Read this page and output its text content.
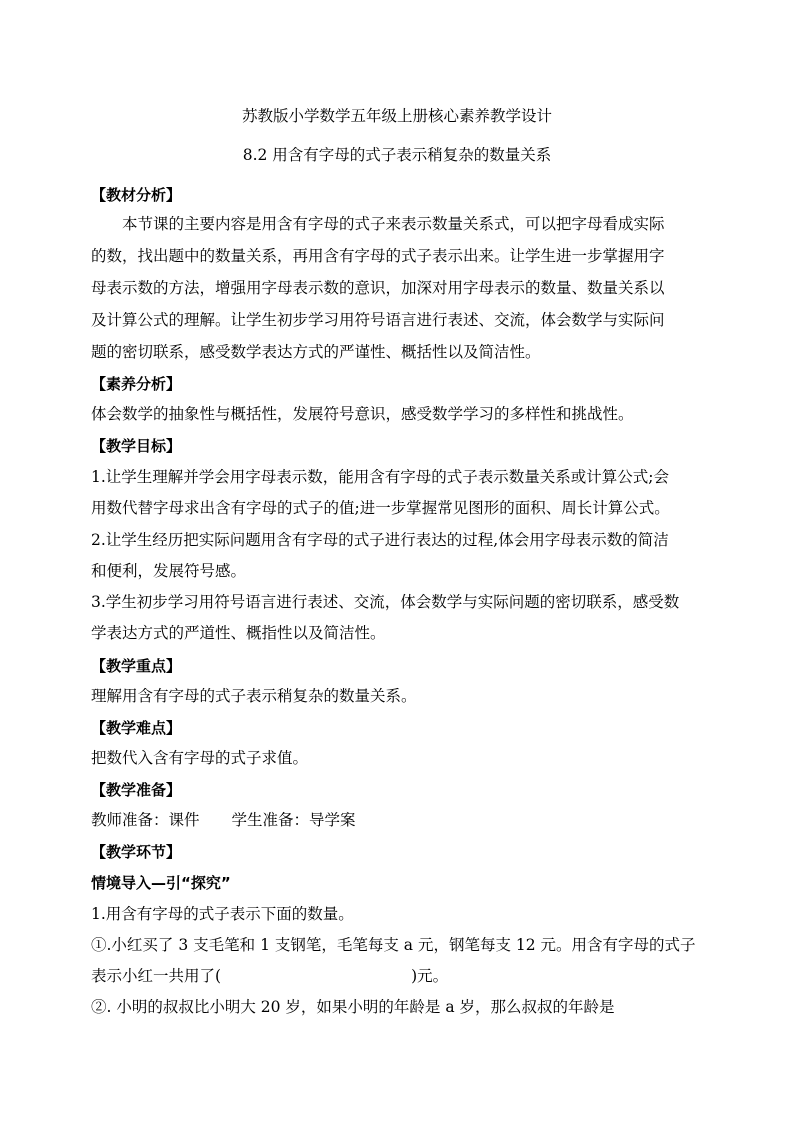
苏教版小学数学五年级上册核心素养教学设计
8.2 用含有字母的式子表示稍复杂的数量关系
【教材分析】
本节课的主要内容是用含有字母的式子来表示数量关系式，可以把字母看成实际
的数，找出题中的数量关系，再用含有字母的式子表示出来。让学生进一步掌握用字
母表示数的方法，增强用字母表示数的意识，加深对用字母表示的数量、数量关系以
及计算公式的理解。让学生初步学习用符号语言进行表述、交流，体会数学与实际问
题的密切联系，感受数学表达方式的严谨性、概括性以及简洁性。
【素养分析】
体会数学的抽象性与概括性，发展符号意识，感受数学学习的多样性和挑战性。
【教学目标】
1.让学生理解并学会用字母表示数，能用含有字母的式子表示数量关系或计算公式;会
用数代替字母求出含有字母的式子的值;进一步掌握常见图形的面积、周长计算公式。
2.让学生经历把实际问题用含有字母的式子进行表达的过程,体会用字母表示数的简洁
和便利，发展符号感。
3.学生初步学习用符号语言进行表述、交流，体会数学与实际问题的密切联系，感受数
学表达方式的严道性、概指性以及简洁性。
【教学重点】
理解用含有字母的式子表示稍复杂的数量关系。
【教学难点】
把数代入含有字母的式子求值。
【教学准备】
教师准备：课件 学生准备：导学案
【教学环节】
情境导入—引“探究”
1.用含有字母的式子表示下面的数量。
①.小红买了 3 支毛笔和 1 支钢笔，毛笔每支 a 元，钢笔每支 12 元。用含有字母的式子
表示小红一共用了(	)元。
②. 小明的叔叔比小明大 20 岁，如果小明的年龄是 a 岁，那么叔叔的年龄是
